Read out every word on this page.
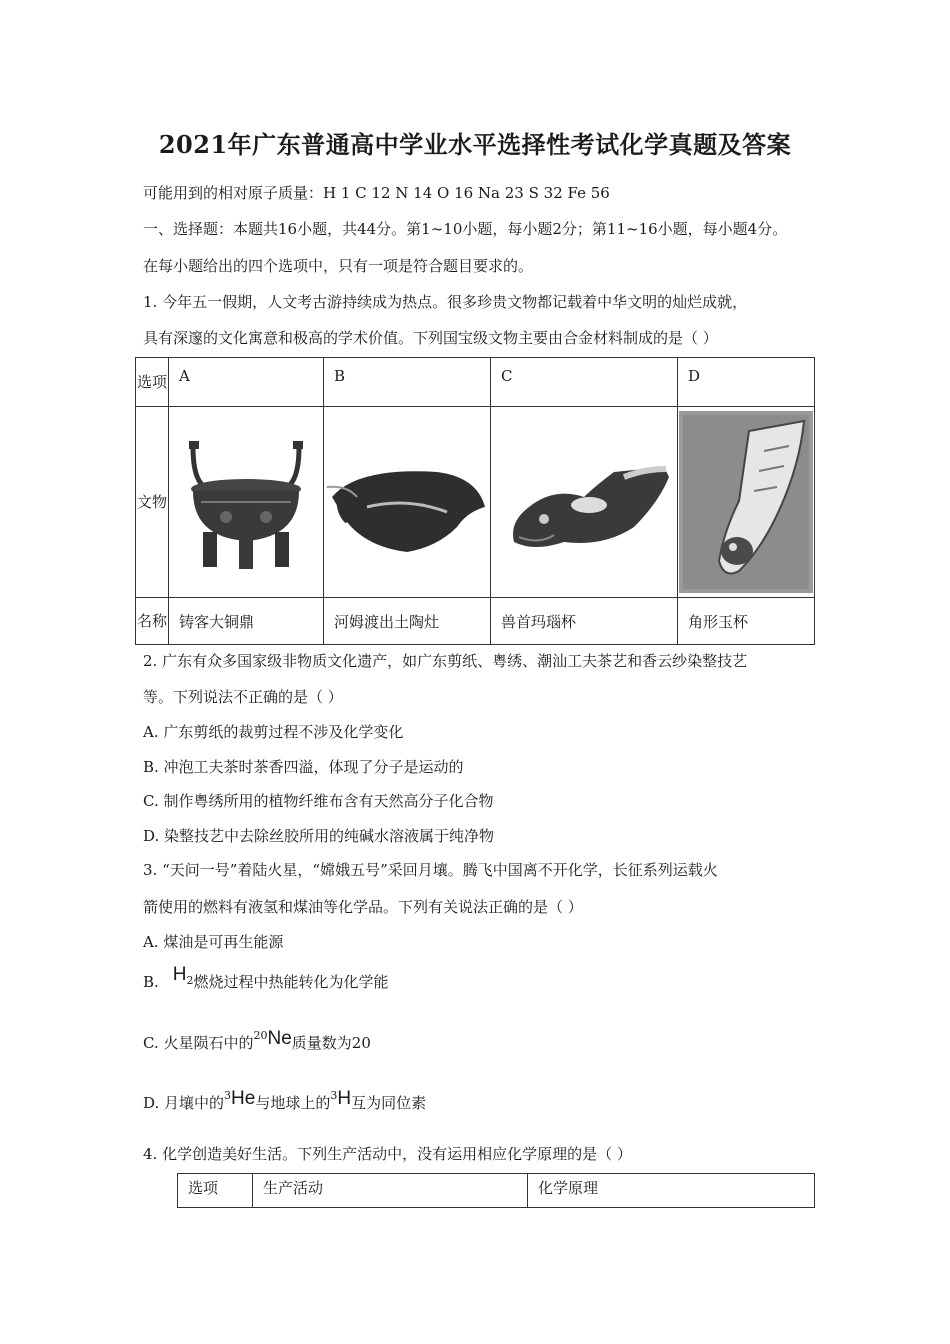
2021年广东普通高中学业水平选择性考试化学真题及答案
可能用到的相对原子质量：H 1 C 12 N 14 O 16 Na 23 S 32 Fe 56
一、选择题：本题共16小题，共44分。第1~10小题，每小题2分；第11~16小题，每小题4分。
在每小题给出的四个选项中，只有一项是符合题目要求的。
1. 今年五一假期，人文考古游持续成为热点。很多珍贵文物都记载着中华文明的灿烂成就，
具有深邃的文化寓意和极高的学术价值。下列国宝级文物主要由合金材料制成的是（ ）
选项	A	B	C	D

文物	

名称	铸客大铜鼎	河姆渡出土陶灶	兽首玛瑙杯	角形玉杯
2. 广东有众多国家级非物质文化遗产，如广东剪纸、粤绣、潮汕工夫茶艺和香云纱染整技艺
等。下列说法不正确的是（ ）
A. 广东剪纸的裁剪过程不涉及化学变化
B. 冲泡工夫茶时茶香四溢，体现了分子是运动的
C. 制作粤绣所用的植物纤维布含有天然高分子化合物
D. 染整技艺中去除丝胶所用的纯碱水溶液属于纯净物
3. “天问一号”着陆火星，“嫦娥五号”采回月壤。腾飞中国离不开化学，长征系列运载火
箭使用的燃料有液氢和煤油等化学品。下列有关说法正确的是（ ）
A. 煤油是可再生能源
B. $H_2$燃烧过程中热能转化为化学能
C. 火星陨石中的$^{20}$Ne质量数为20
D. 月壤中的$^3$He与地球上的$^3$H互为同位素
4. 化学创造美好生活。下列生产活动中，没有运用相应化学原理的是（ ）
选项	生产活动	化学原理
